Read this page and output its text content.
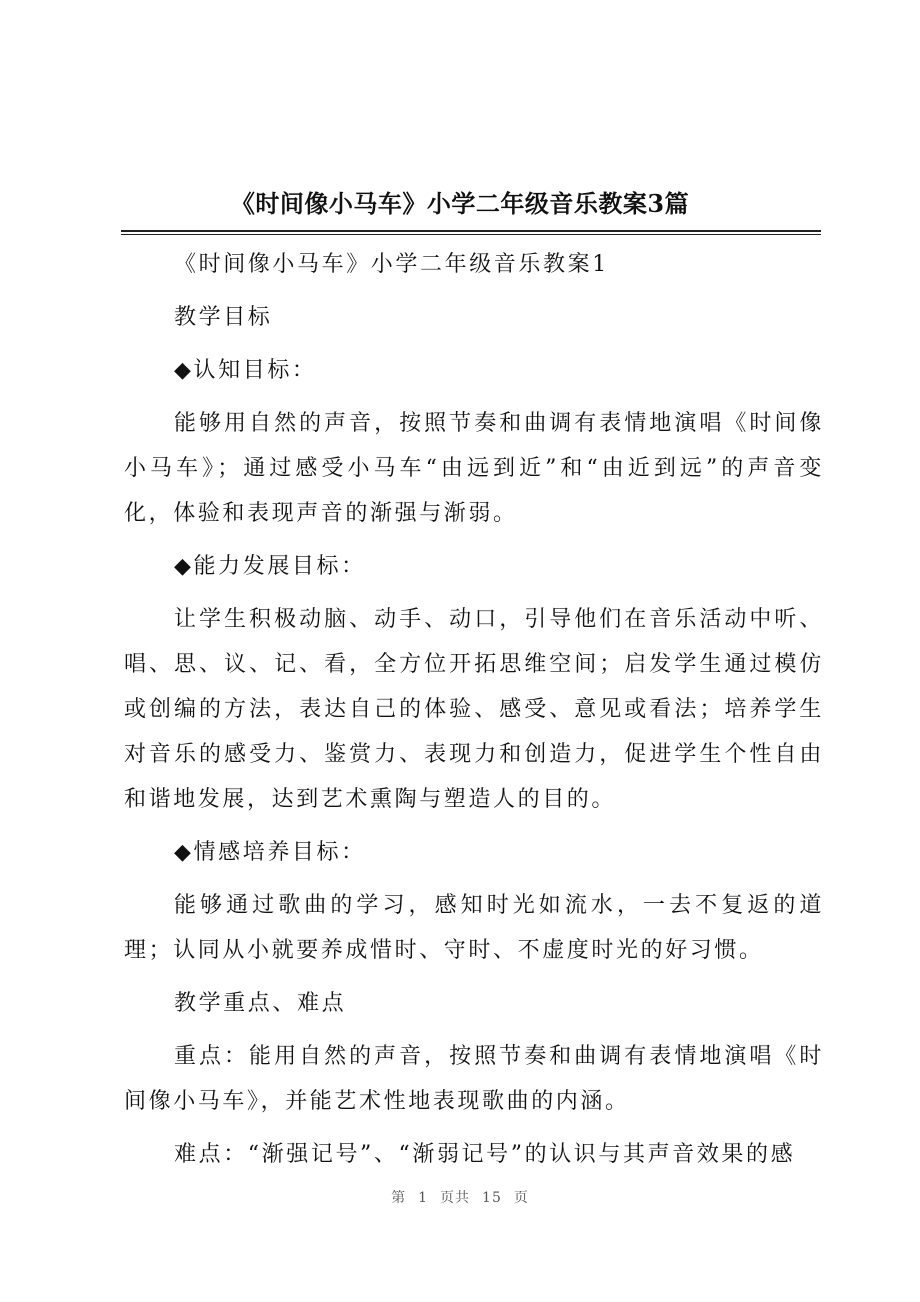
《时间像小马车》小学二年级音乐教案3篇

《时间像小马车》小学二年级音乐教案1

教学目标

◆认知目标：

能够用自然的声音，按照节奏和曲调有表情地演唱《时间像小马车》；通过感受小马车“由远到近”和“由近到远”的声音变化，体验和表现声音的渐强与渐弱。

◆能力发展目标：

让学生积极动脑、动手、动口，引导他们在音乐活动中听、唱、思、议、记、看，全方位开拓思维空间；启发学生通过模仿或创编的方法，表达自己的体验、感受、意见或看法；培养学生对音乐的感受力、鉴赏力、表现力和创造力，促进学生个性自由和谐地发展，达到艺术熏陶与塑造人的目的。

◆情感培养目标：

能够通过歌曲的学习，感知时光如流水，一去不复返的道理；认同从小就要养成惜时、守时、不虚度时光的好习惯。

教学重点、难点

重点：能用自然的声音，按照节奏和曲调有表情地演唱《时间像小马车》，并能艺术性地表现歌曲的内涵。

难点：“渐强记号”、“渐弱记号”的认识与其声音效果的感

第 1 页共 15 页
